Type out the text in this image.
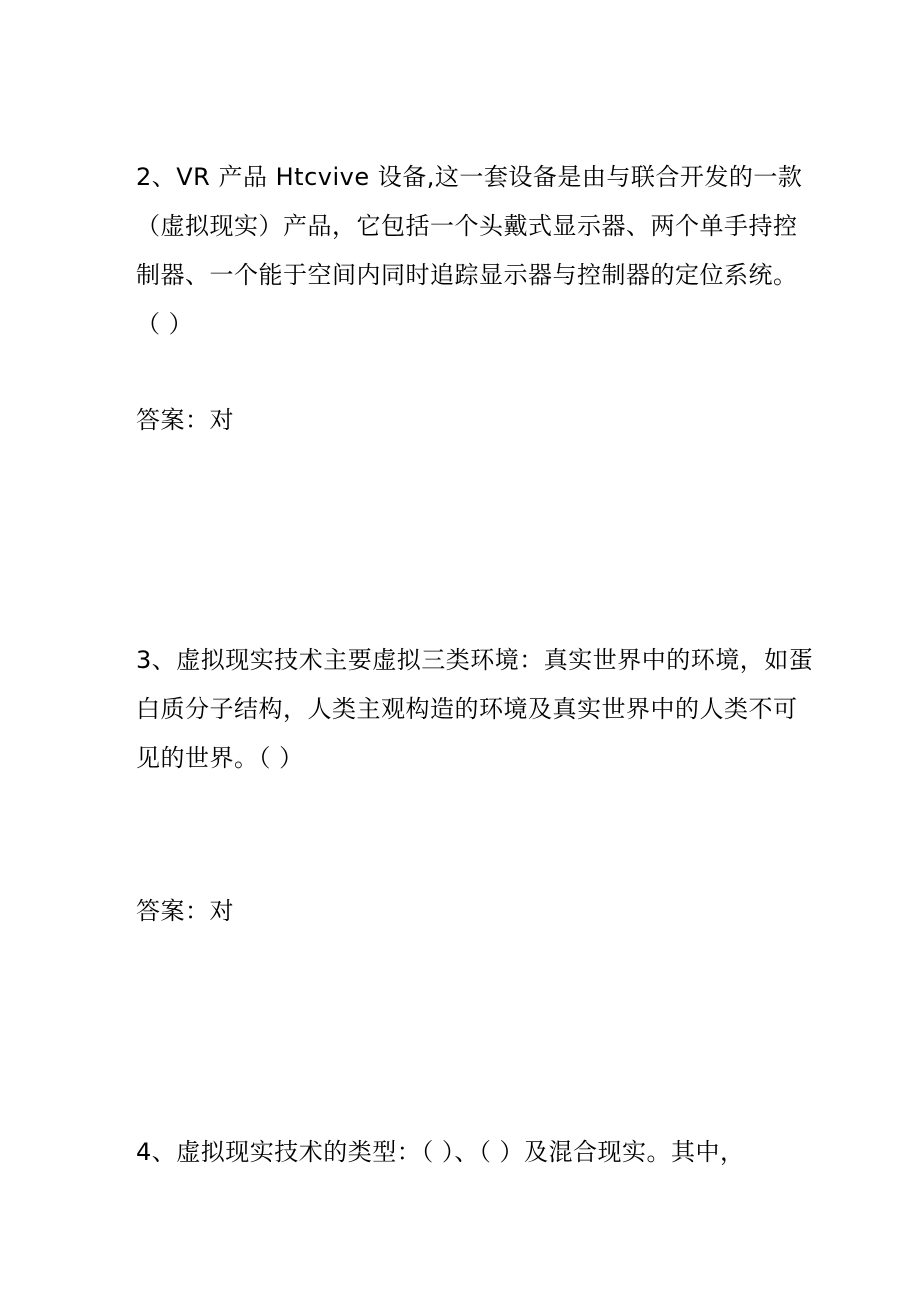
2、VR 产品 Htcvive 设备,这一套设备是由与联合开发的一款
（虚拟现实）产品，它包括一个头戴式显示器、两个单手持控
制器、一个能于空间内同时追踪显示器与控制器的定位系统。
（ ）
答案：对
3、虚拟现实技术主要虚拟三类环境：真实世界中的环境，如蛋
白质分子结构，人类主观构造的环境及真实世界中的人类不可
见的世界。（ ）
答案：对
4、虚拟现实技术的类型：（ ）、（ ）及混合现实。其中，
